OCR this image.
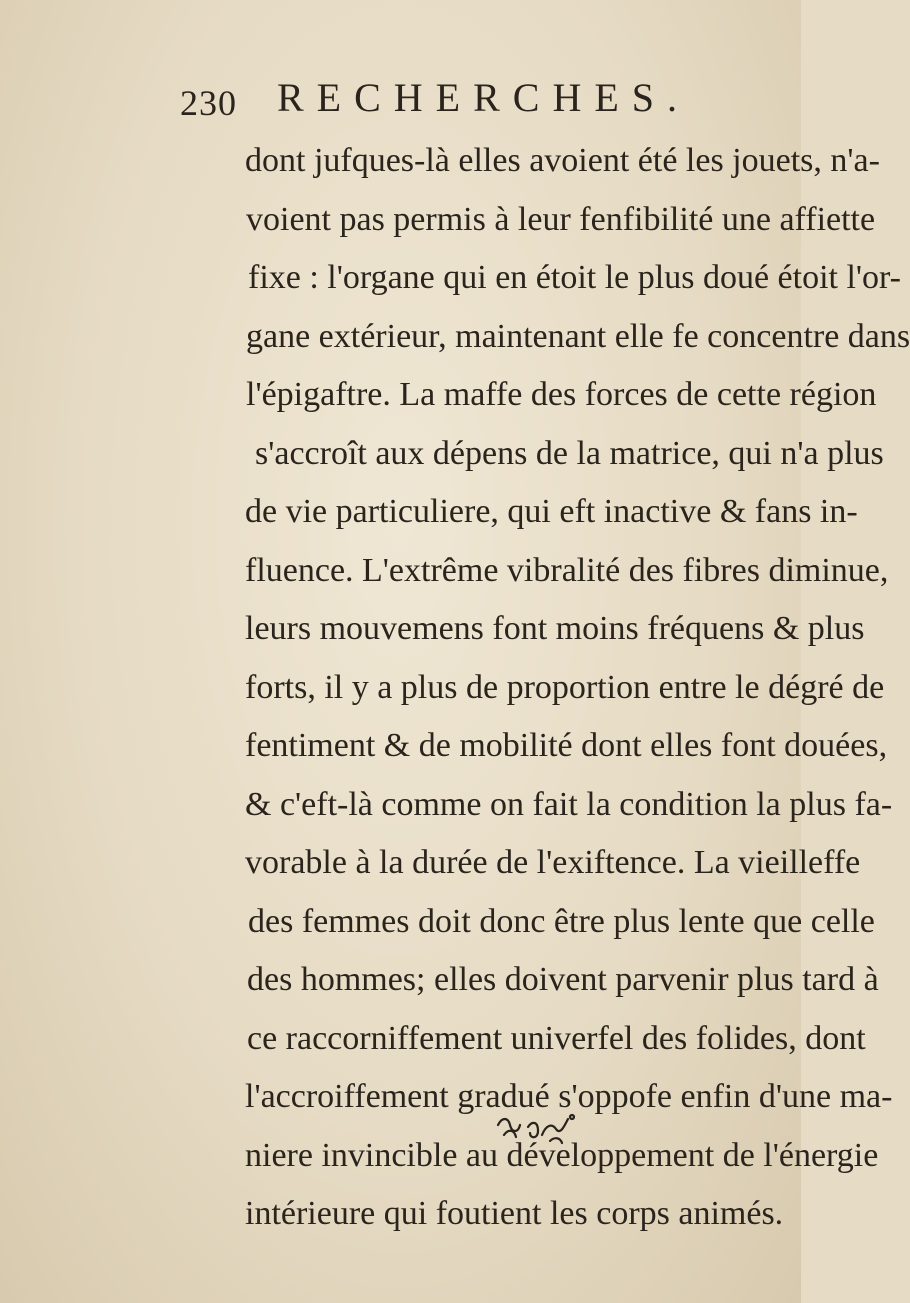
230 RECHERCHES.
dont jufques-là elles avoient été les jouets, n'a-
voient pas permis à leur fenfibilité une affiette
fixe : l'organe qui en étoit le plus doué étoit l'or-
gane extérieur, maintenant elle fe concentre dans
l'épigaftre. La maffe des forces de cette région
s'accroît aux dépens de la matrice, qui n'a plus
de vie particuliere, qui eft inactive & fans in-
fluence. L'extrême vibralité des fibres diminue,
leurs mouvemens font moins fréquens & plus
forts, il y a plus de proportion entre le dégré de
fentiment & de mobilité dont elles font douées,
& c'eft-là comme on fait la condition la plus fa-
vorable à la durée de l'exiftence. La vieilleffe
des femmes doit donc être plus lente que celle
des hommes; elles doivent parvenir plus tard à
ce raccorniffement univerfel des folides, dont
l'accroiffement gradué s'oppofe enfin d'une ma-
niere invincible au développement de l'énergie
intérieure qui foutient les corps animés.
